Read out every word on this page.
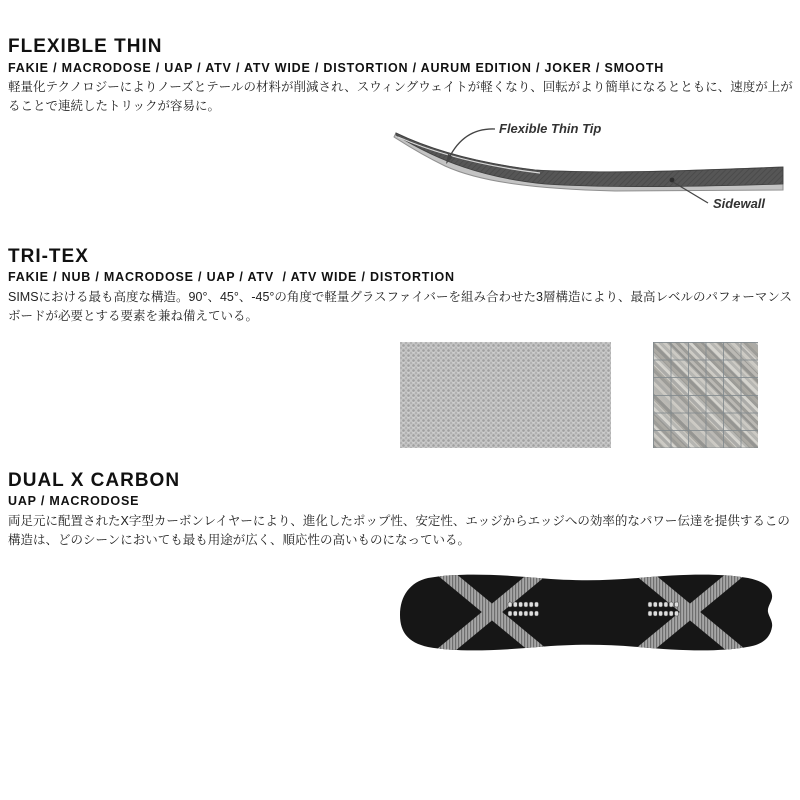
FLEXIBLE THIN
FAKIE / MACRODOSE / UAP / ATV / ATV WIDE / DISTORTION / AURUM EDITION / JOKER / SMOOTH

軽量化テクノロジーによりノーズとテールの材料が削減され、スウィングウェイトが軽くなり、回転がより簡単になるとともに、速度が上がることで連続したトリックが容易に。

Flexible Thin Tip
Sidewall
TRI-TEX
FAKIE / NUB / MACRODOSE / UAP / ATV  / ATV WIDE / DISTORTION

SIMSにおける最も高度な構造。90°、45°、-45°の角度で軽量グラスファイバーを組み合わせた3層構造により、最高レベルのパフォーマンスボードが必要とする要素を兼ね備えている。

DUAL X CARBON
UAP / MACRODOSE

両足元に配置されたX字型カーボンレイヤーにより、進化したポップ性、安定性、エッジからエッジへの効率的なパワー伝達を提供するこの構造は、どのシーンにおいても最も用途が広く、順応性の高いものになっている。
